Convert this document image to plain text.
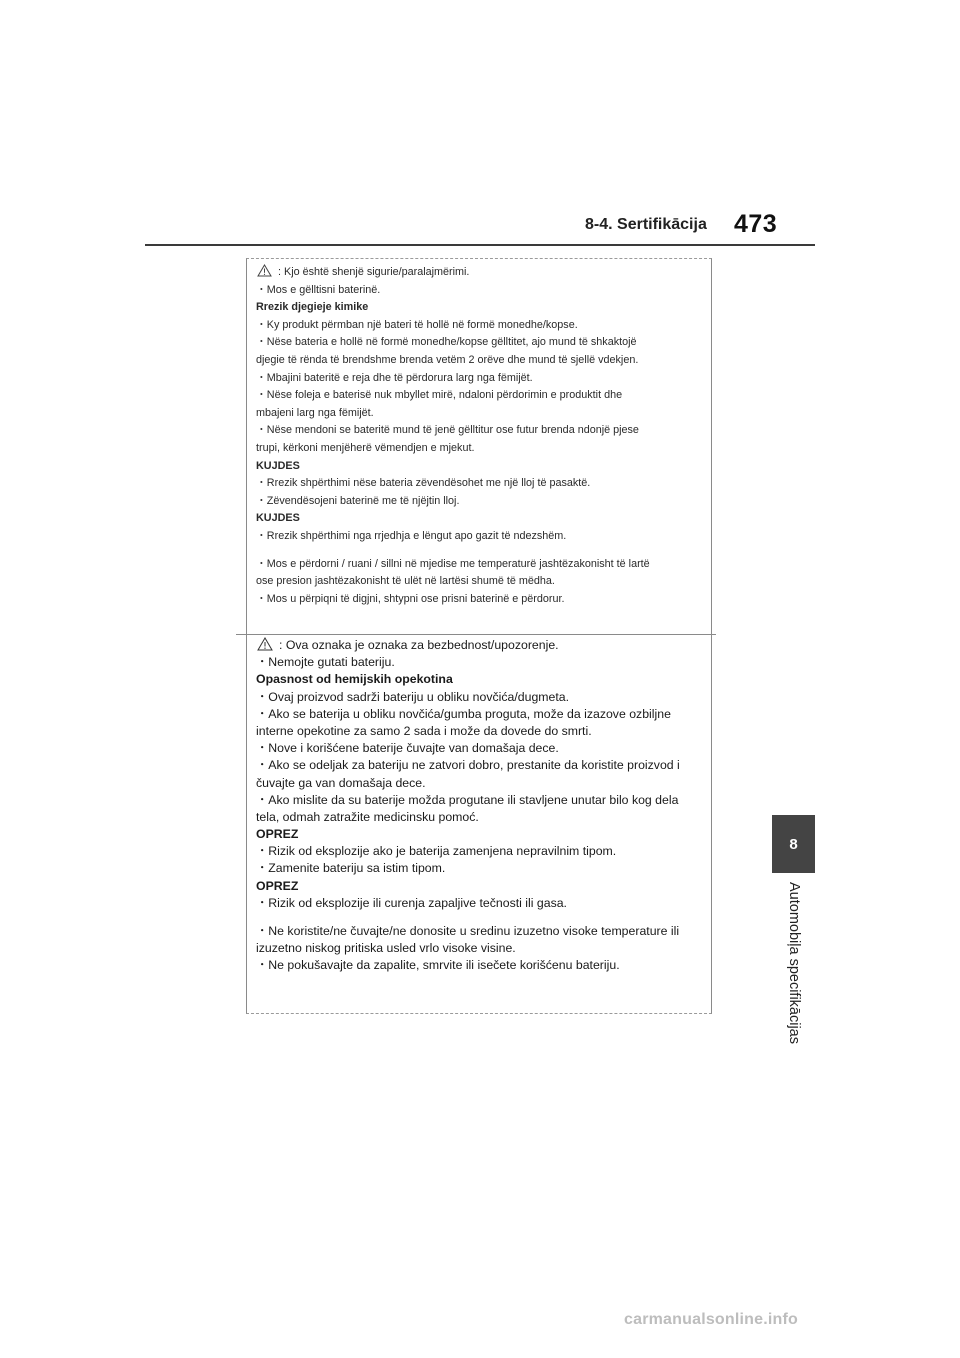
8-4. Sertifikācija 473
8
Automobiļa specifikācijas
: Kjo është shenjë sigurie/paralajmërimi.
・Mos e gëlltisni baterinë.
Rrezik djegieje kimike
・Ky produkt përmban një bateri të hollë në formë monedhe/kopse.
・Nëse bateria e hollë në formë monedhe/kopse gëlltitet, ajo mund të shkaktojë
djegie të rënda të brendshme brenda vetëm 2 orëve dhe mund të sjellë vdekjen.
・Mbajini bateritë e reja dhe të përdorura larg nga fëmijët.
・Nëse foleja e baterisë nuk mbyllet mirë, ndaloni përdorimin e produktit dhe
mbajeni larg nga fëmijët.
・Nëse mendoni se bateritë mund të jenë gëlltitur ose futur brenda ndonjë pjese
trupi, kërkoni menjëherë vëmendjen e mjekut.
KUJDES
・Rrezik shpërthimi nëse bateria zëvendësohet me një lloj të pasaktë.
・Zëvendësojeni baterinë me të njëjtin lloj.
KUJDES
・Rrezik shpërthimi nga rrjedhja e lëngut apo gazit të ndezshëm.
・Mos e përdorni / ruani / sillni në mjedise me temperaturë jashtëzakonisht të lartë
ose presion jashtëzakonisht të ulët në lartësi shumë të mëdha.
・Mos u përpiqni të digjni, shtypni ose prisni baterinë e përdorur.
: Ova oznaka je oznaka za bezbednost/upozorenje.
・Nemojte gutati bateriju.
Opasnost od hemijskih opekotina
・Ovaj proizvod sadrži bateriju u obliku novčića/dugmeta.
・Ako se baterija u obliku novčića/gumba proguta, može da izazove ozbiljne
interne opekotine za samo 2 sada i može da dovede do smrti.
・Nove i korišćene baterije čuvajte van domašaja dece.
・Ako se odeljak za bateriju ne zatvori dobro, prestanite da koristite proizvod i
čuvajte ga van domašaja dece.
・Ako mislite da su baterije možda progutane ili stavljene unutar bilo kog dela
tela, odmah zatražite medicinsku pomoć.
OPREZ
・Rizik od eksplozije ako je baterija zamenjena nepravilnim tipom.
・Zamenite bateriju sa istim tipom.
OPREZ
・Rizik od eksplozije ili curenja zapaljive tečnosti ili gasa.
・Ne koristite/ne čuvajte/ne donosite u sredinu izuzetno visoke temperature ili
izuzetno niskog pritiska usled vrlo visoke visine.
・Ne pokušavajte da zapalite, smrvite ili isečete korišćenu bateriju.
carmanualsonline.info
